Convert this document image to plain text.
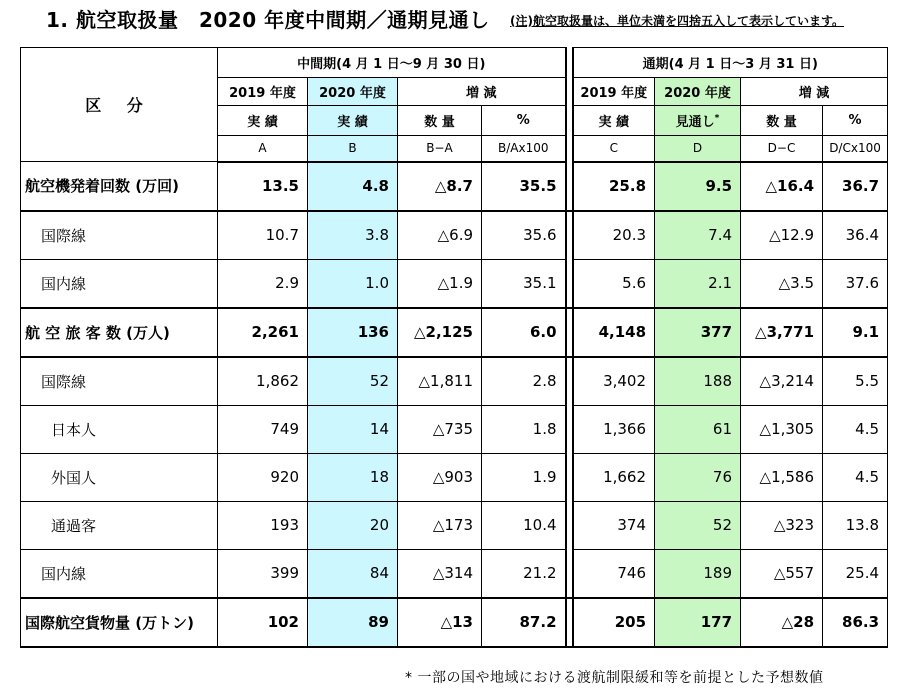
1. 航空取扱量　2020 年度中間期／通期見通し (注)航空取扱量は、単位未満を四捨五入して表示しています。
区 分	中間期(4 月 1 日～9 月 30 日)					通期(4 月 1 日～3 月 31 日)			
	2019 年度	2020 年度	増 減			2019 年度	2020 年度	増 減	
	実 績	実 績	数 量	%		実 績	見通し*	数 量	%
	A	B	B−A	B/Ax100		C	D	D−C	D/Cx100
航空機発着回数 (万回)	13.5	4.8	△8.7	35.5		25.8	9.5	△16.4	36.7
国際線	10.7	3.8	△6.9	35.6		20.3	7.4	△12.9	36.4
国内線	2.9	1.0	△1.9	35.1		5.6	2.1	△3.5	37.6
航 空 旅 客 数 (万人)	2,261	136	△2,125	6.0		4,148	377	△3,771	9.1
国際線	1,862	52	△1,811	2.8		3,402	188	△3,214	5.5
日本人	749	14	△735	1.8		1,366	61	△1,305	4.5
外国人	920	18	△903	1.9		1,662	76	△1,586	4.5
通過客	193	20	△173	10.4		374	52	△323	13.8
国内線	399	84	△314	21.2		746	189	△557	25.4
国際航空貨物量 (万トン)	102	89	△13	87.2		205	177	△28	86.3
* 一部の国や地域における渡航制限緩和等を前提とした予想数値
